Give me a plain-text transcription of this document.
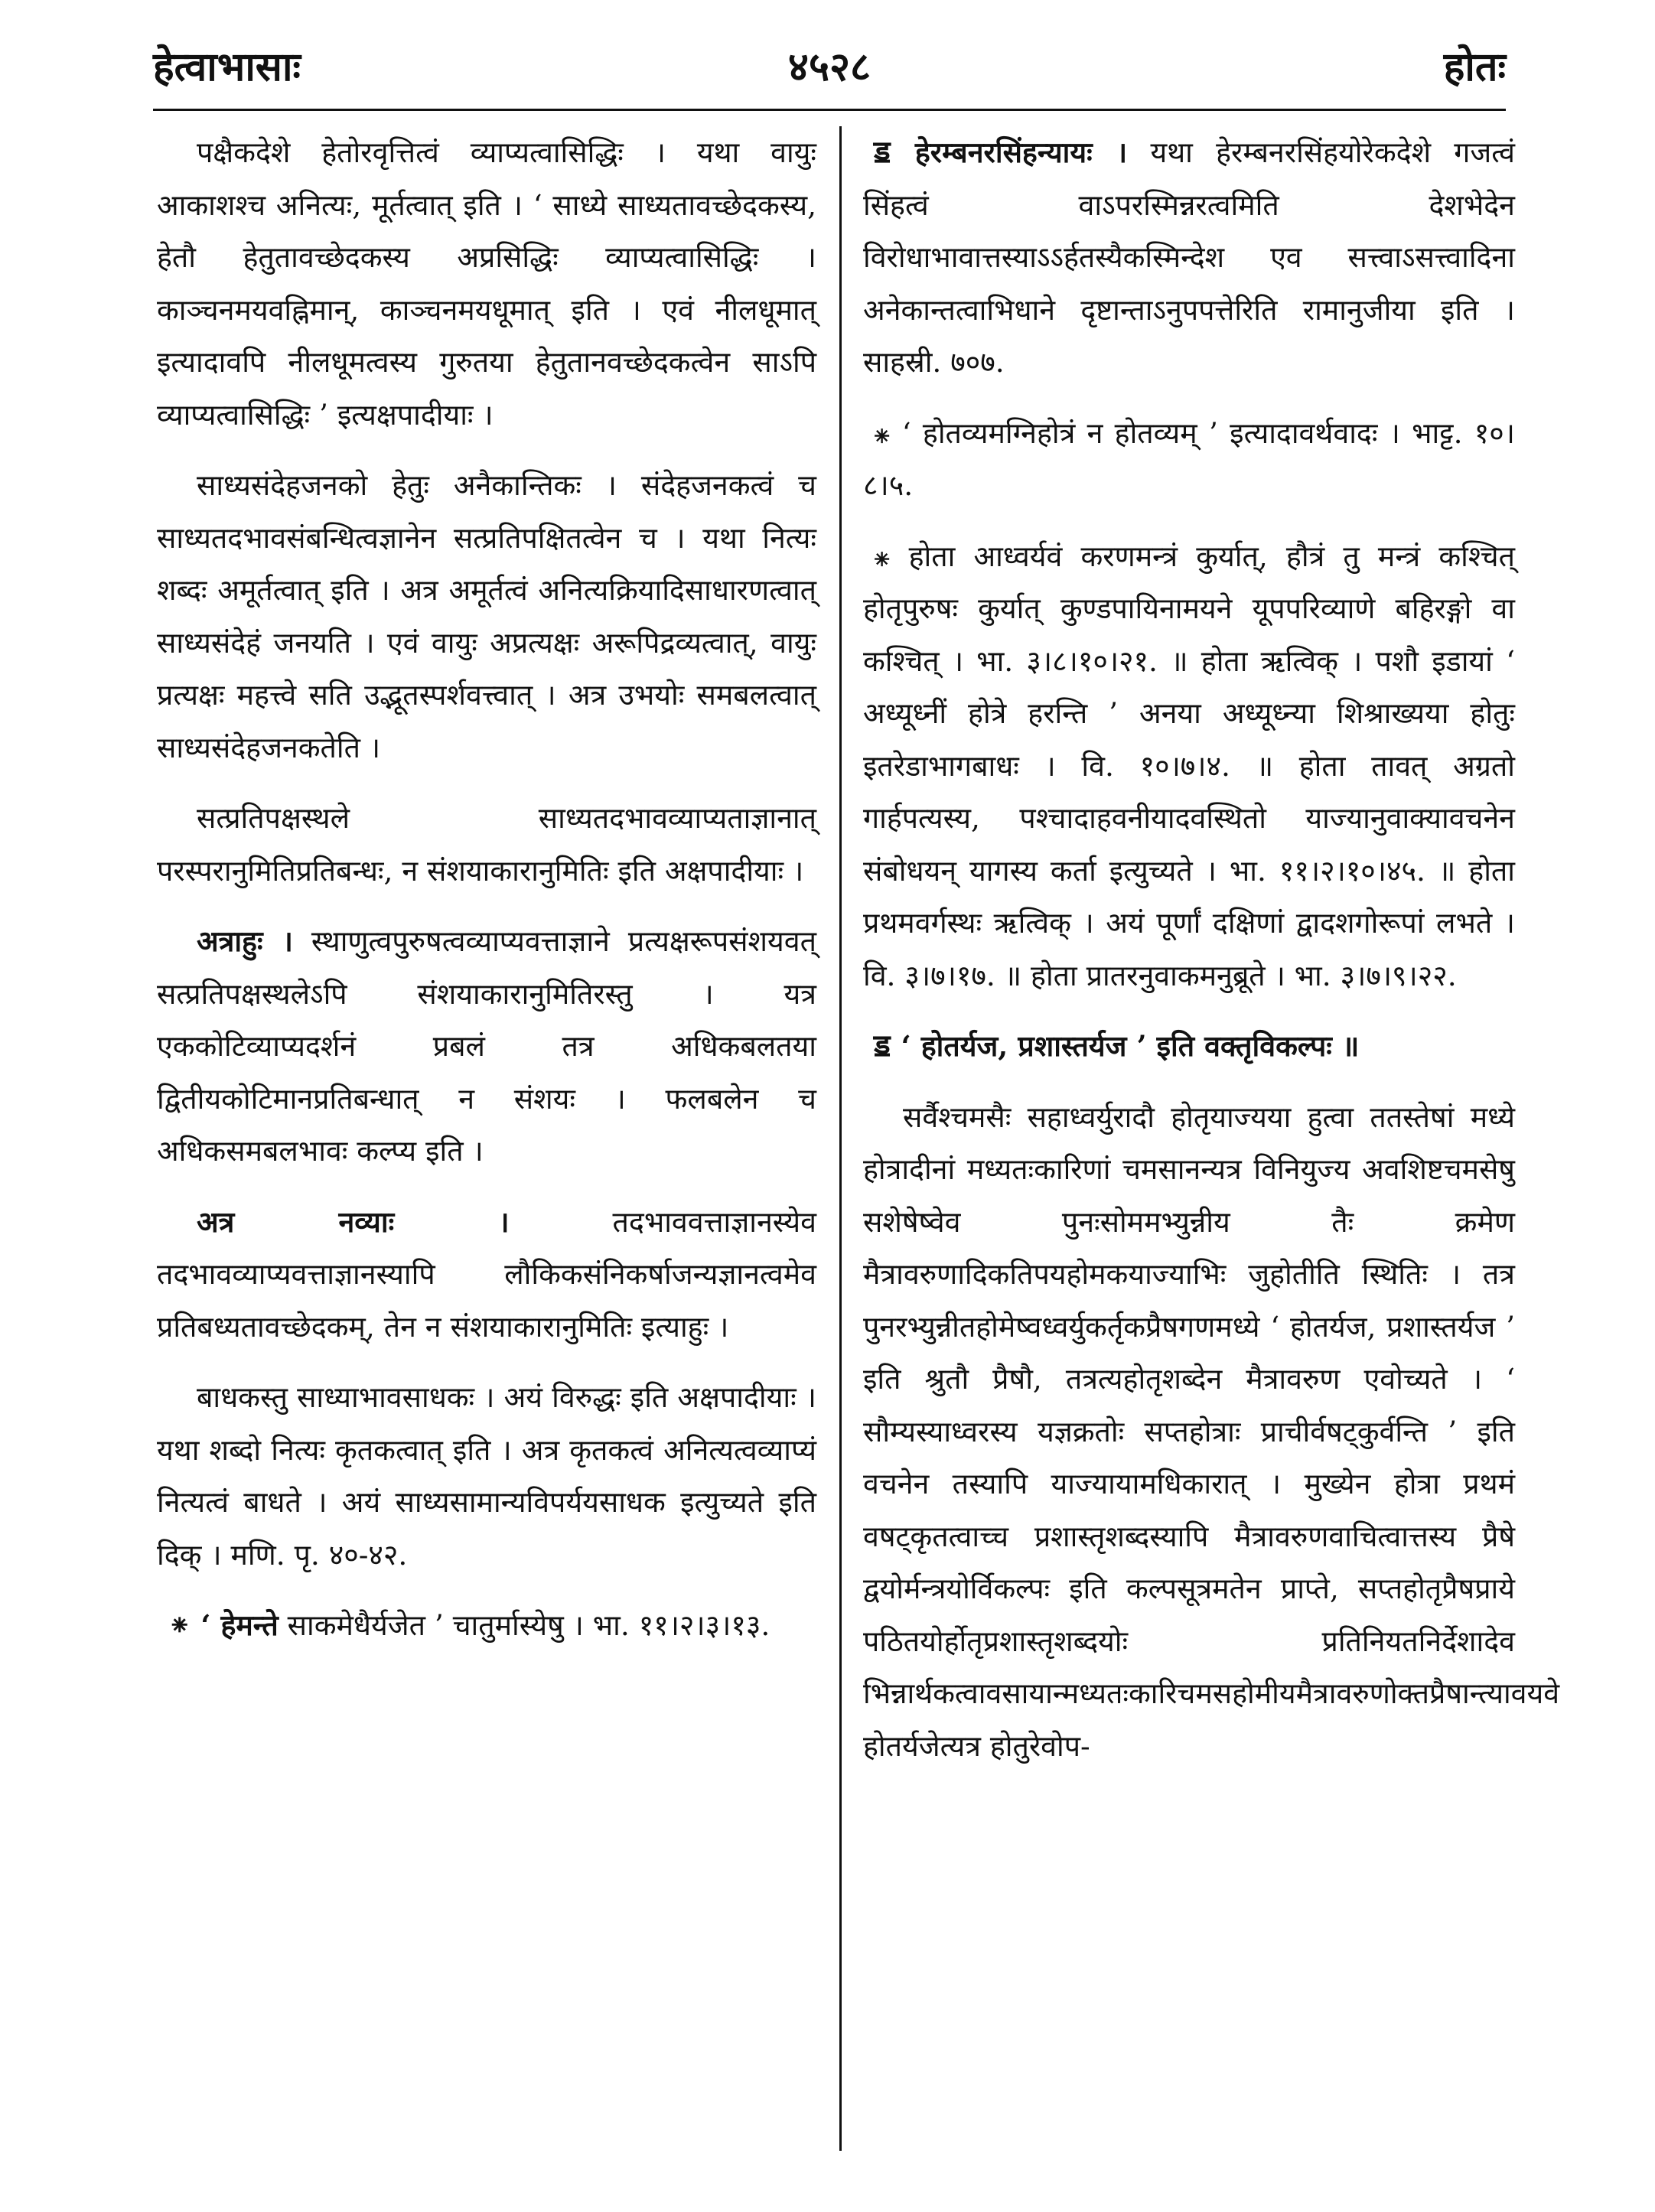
हेत्वाभासाः	४५२८	होतः

पक्षैकदेशे हेतोरवृत्तित्वं व्याप्यत्वासिद्धिः । यथा वायुः आकाशश्च अनित्यः, मूर्तत्वात् इति । ‘ साध्ये साध्यतावच्छेदकस्य, हेतौ हेतुतावच्छेदकस्य अप्रसिद्धिः व्याप्यत्वासिद्धिः । काञ्चनमयवह्निमान्, काञ्चनमयधूमात् इति । एवं नीलधूमात् इत्यादावपि नीलधूमत्वस्य गुरुतया हेतुतानवच्छेदकत्वेन साऽपि व्याप्यत्वासिद्धिः ’ इत्यक्षपादीयाः ।

साध्यसंदेहजनको हेतुः अनैकान्तिकः । संदेहजनकत्वं च साध्यतदभावसंबन्धित्वज्ञानेन सत्प्रतिपक्षितत्वेन च । यथा नित्यः शब्दः अमूर्तत्वात् इति । अत्र अमूर्तत्वं अनित्यक्रियादिसाधारणत्वात् साध्यसंदेहं जनयति । एवं वायुः अप्रत्यक्षः अरूपिद्रव्यत्वात्, वायुः प्रत्यक्षः महत्त्वे सति उद्भूतस्पर्शवत्त्वात् । अत्र उभयोः समबलत्वात् साध्यसंदेहजनकतेति ।

सत्प्रतिपक्षस्थले साध्यतदभावव्याप्यताज्ञानात् परस्परानुमितिप्रतिबन्धः, न संशयाकारानुमितिः इति अक्षपादीयाः ।

अत्राहुः । स्थाणुत्वपुरुषत्वव्याप्यवत्ताज्ञाने प्रत्यक्षरूपसंशयवत् सत्प्रतिपक्षस्थलेऽपि संशयाकारानुमितिरस्तु । यत्र एककोटिव्याप्यदर्शनं प्रबलं तत्र अधिकबलतया द्वितीयकोटिमानप्रतिबन्धात् न संशयः । फलबलेन च अधिकसमबलभावः कल्प्य इति ।

अत्र नव्याः । तदभाववत्ताज्ञानस्येव तदभावव्याप्यवत्ताज्ञानस्यापि लौकिकसंनिकर्षाजन्यज्ञानत्वमेव प्रतिबध्यतावच्छेदकम्, तेन न संशयाकारानुमितिः इत्याहुः ।

बाधकस्तु साध्याभावसाधकः । अयं विरुद्धः इति अक्षपादीयाः । यथा शब्दो नित्यः कृतकत्वात् इति । अत्र कृतकत्वं अनित्यत्वव्याप्यं नित्यत्वं बाधते । अयं साध्यसामान्यविपर्ययसाधक इत्युच्यते इति दिक् । मणि. पृ. ४०-४२.

⁕ ‘ हेमन्ते साकमेधैर्यजेत ’ चातुर्मास्येषु । भा. ११।२।३।१३.

ॾ हेरम्बनरसिंहन्यायः । यथा हेरम्बनरसिंहयोरेकदेशे गजत्वं सिंहत्वं वाऽपरस्मिन्नरत्वमिति देशभेदेन विरोधाभावात्तस्याऽऽर्हतस्यैकस्मिन्देश एव सत्त्वाऽसत्त्वादिना अनेकान्तत्वाभिधाने दृष्टान्ताऽनुपपत्तेरिति रामानुजीया इति । साहस्री. ७०७.

⁕ ‘ होतव्यमग्निहोत्रं न होतव्यम् ’ इत्यादावर्थवादः । भाट्ट. १०।८।५.

⁕ होता आध्वर्यवं करणमन्त्रं कुर्यात्, हौत्रं तु मन्त्रं कश्चित् होतृपुरुषः कुर्यात् कुण्डपायिनामयने यूपपरिव्याणे बहिरङ्गो वा कश्चित् । भा. ३।८।१०।२१. ॥ होता ऋत्विक् । पशौ इडायां ‘ अध्यूध्नीं होत्रे हरन्ति ’ अनया अध्यूध्न्या शिश्राख्यया होतुः इतरेडाभागबाधः । वि. १०।७।४. ॥ होता तावत् अग्रतो गार्हपत्यस्य, पश्चादाहवनीयादवस्थितो याज्यानुवाक्यावचनेन संबोधयन् यागस्य कर्ता इत्युच्यते । भा. ११।२।१०।४५. ॥ होता प्रथमवर्गस्थः ऋत्विक् । अयं पूर्णां दक्षिणां द्वादशगोरूपां लभते । वि. ३।७।१७. ॥ होता प्रातरनुवाकमनुब्रूते । भा. ३।७।९।२२.

ॾ ‘ होतर्यज, प्रशास्तर्यज ’ इति वक्तृविकल्पः ॥

सर्वैश्चमसैः सहाध्वर्युरादौ होतृयाज्यया हुत्वा ततस्तेषां मध्ये होत्रादीनां मध्यतःकारिणां चमसानन्यत्र विनियुज्य अवशिष्टचमसेषु सशेषेष्वेव पुनःसोममभ्युन्नीय तैः क्रमेण मैत्रावरुणादिकतिपयहोमकयाज्याभिः जुहोतीति स्थितिः । तत्र पुनरभ्युन्नीतहोमेष्वध्वर्युकर्तृकप्रैषगणमध्ये ‘ होतर्यज, प्रशास्तर्यज ’ इति श्रुतौ प्रैषौ, तत्रत्यहोतृशब्देन मैत्रावरुण एवोच्यते । ‘ सौम्यस्याध्वरस्य यज्ञक्रतोः सप्तहोत्राः प्राचीर्वषट्कुर्वन्ति ’ इति वचनेन तस्यापि याज्यायामधिकारात् । मुख्येन होत्रा प्रथमं वषट्कृतत्वाच्च प्रशास्तृशब्दस्यापि मैत्रावरुणवाचित्वात्तस्य प्रैषे द्वयोर्मन्त्रयोर्विकल्पः इति कल्पसूत्रमतेन प्राप्ते, सप्तहोतृप्रैषप्राये पठितयोर्होतृप्रशास्तृशब्दयोः प्रतिनियतनिर्देशादेव भिन्नार्थकत्वावसायान्मध्यतःकारिचमसहोमीयमैत्रावरुणोक्तप्रैषान्त्यावयवे होतर्यजेत्यत्र होतुरेवोप-
